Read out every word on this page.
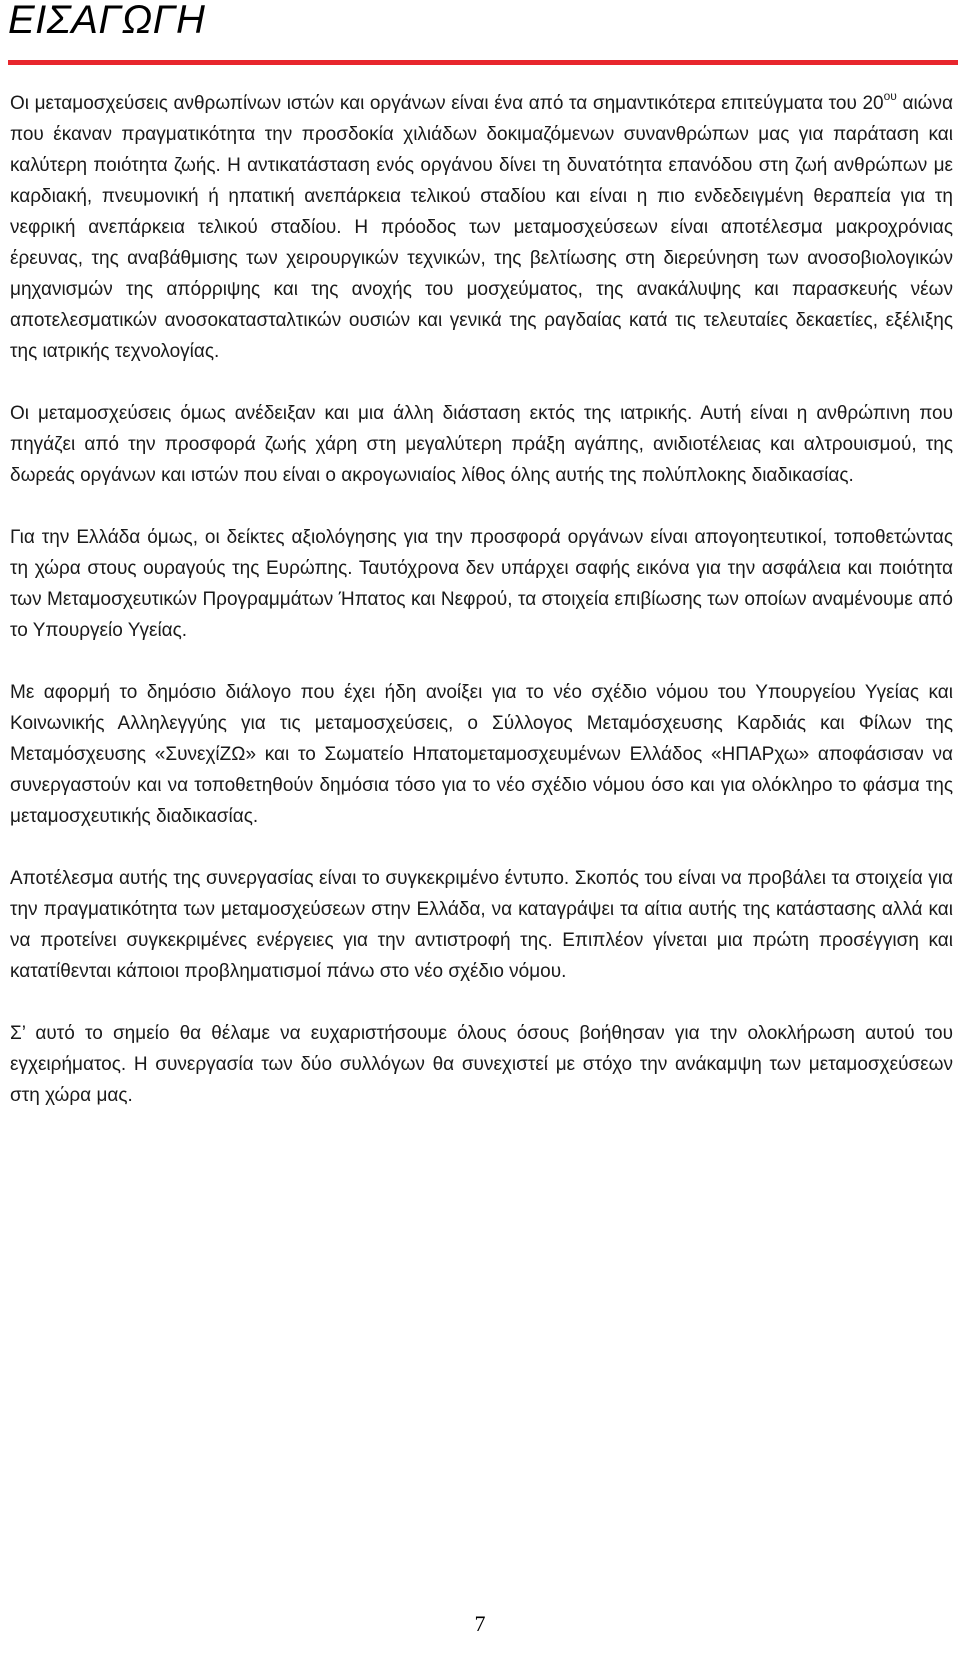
ΕΙΣΑΓΩΓΗ

Οι μεταμοσχεύσεις ανθρωπίνων ιστών και οργάνων είναι ένα από τα σημαντικότερα επιτεύγματα του $20^{o\upsilon}$ αιώνα που έκαναν πραγματικότητα την προσδοκία χιλιάδων δοκιμαζόμενων συνανθρώπων μας για παράταση και καλύτερη ποιότητα ζωής. Η αντικατάσταση ενός οργάνου δίνει τη δυνατότητα επανόδου στη ζωή ανθρώπων με καρδιακή, πνευμονική ή ηπατική ανεπάρκεια τελικού σταδίου και είναι η πιο ενδεδειγμένη θεραπεία για τη νεφρική ανεπάρκεια τελικού σταδίου. Η πρόοδος των μεταμοσχεύσεων είναι αποτέλεσμα μακροχρόνιας έρευνας, της αναβάθμισης των χειρουργικών τεχνικών, της βελτίωσης στη διερεύνηση των ανοσοβιολογικών μηχανισμών της απόρριψης και της ανοχής του μοσχεύματος, της ανακάλυψης και παρασκευής νέων αποτελεσματικών ανοσοκατασταλτικών ουσιών και γενικά της ραγδαίας κατά τις τελευταίες δεκαετίες, εξέλιξης της ιατρικής τεχνολογίας.

Οι μεταμοσχεύσεις όμως ανέδειξαν και μια άλλη διάσταση εκτός της ιατρικής. Αυτή είναι η ανθρώπινη που πηγάζει από την προσφορά ζωής χάρη στη μεγαλύτερη πράξη αγάπης, ανιδιοτέλειας και αλτρουισμού, της δωρεάς οργάνων και ιστών που είναι ο ακρογωνιαίος λίθος όλης αυτής της πολύπλοκης διαδικασίας.

Για την Ελλάδα όμως, οι δείκτες αξιολόγησης για την προσφορά οργάνων είναι απογοητευτικοί, τοποθετώντας τη χώρα στους ουραγούς της Ευρώπης. Ταυτόχρονα δεν υπάρχει σαφής εικόνα για την ασφάλεια και ποιότητα των Μεταμοσχευτικών Προγραμμάτων Ήπατος και Νεφρού, τα στοιχεία επιβίωσης των οποίων αναμένουμε από το Υπουργείο Υγείας.

Με αφορμή το δημόσιο διάλογο που έχει ήδη ανοίξει για το νέο σχέδιο νόμου του Υπουργείου Υγείας και Κοινωνικής Αλληλεγγύης για τις μεταμοσχεύσεις, ο Σύλλογος Μεταμόσχευσης Καρδιάς και Φίλων της Μεταμόσχευσης «ΣυνεχίΖΩ» και το Σωματείο Ηπατομεταμοσχευμένων Ελλάδος «ΗΠΑΡχω» αποφάσισαν να συνεργαστούν και να τοποθετηθούν δημόσια τόσο για το νέο σχέδιο νόμου όσο και για ολόκληρο το φάσμα της μεταμοσχευτικής διαδικασίας.

Αποτέλεσμα αυτής της συνεργασίας είναι το συγκεκριμένο έντυπο. Σκοπός του είναι να προβάλει τα στοιχεία για την πραγματικότητα των μεταμοσχεύσεων στην Ελλάδα, να καταγράψει τα αίτια αυτής της κατάστασης αλλά και να προτείνει συγκεκριμένες ενέργειες για την αντιστροφή της. Επιπλέον γίνεται μια πρώτη προσέγγιση και κατατίθενται κάποιοι προβληματισμοί πάνω στο νέο σχέδιο νόμου.

Σ’ αυτό το σημείο θα θέλαμε να ευχαριστήσουμε όλους όσους βοήθησαν για την ολοκλήρωση αυτού του εγχειρήματος. Η συνεργασία των δύο συλλόγων θα συνεχιστεί με στόχο την ανάκαμψη των μεταμοσχεύσεων στη χώρα μας.

7
